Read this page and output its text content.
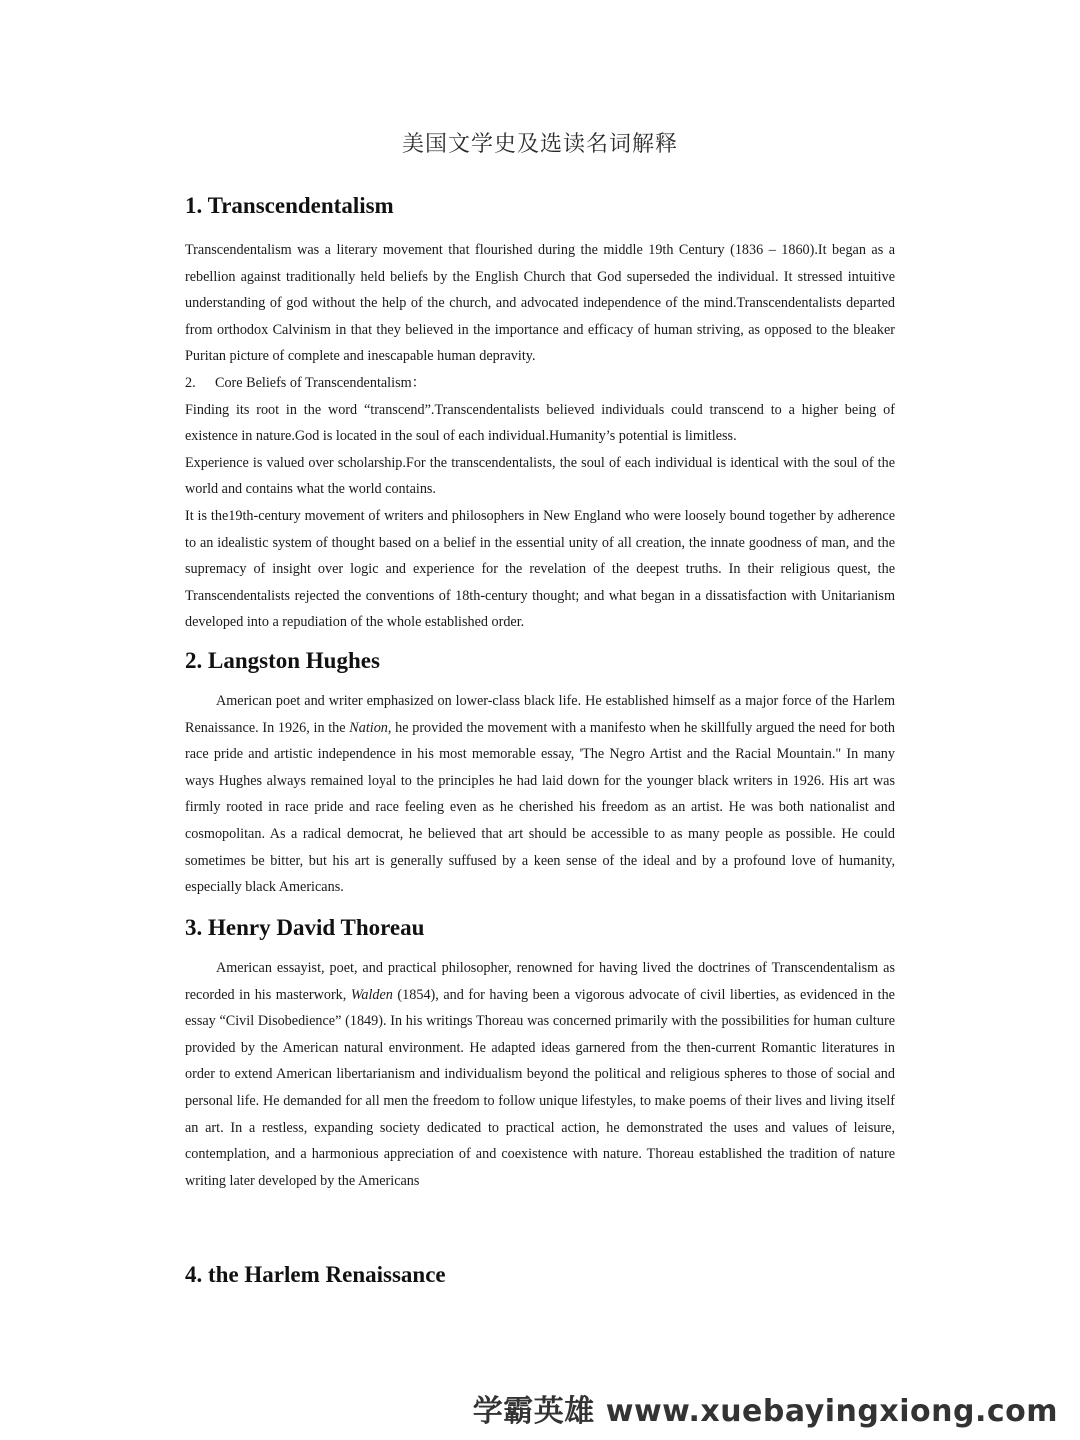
美国文学史及选读名词解释
1. Transcendentalism

Transcendentalism was a literary movement that flourished during the middle 19th Century (1836 – 1860).It began as a rebellion against traditionally held beliefs by the English Church that God superseded the individual. It stressed intuitive understanding of god without the help of the church, and advocated independence of the mind.Transcendentalists departed from orthodox Calvinism in that they believed in the importance and efficacy of human striving, as opposed to the bleaker Puritan picture of complete and inescapable human depravity.

2.	Core Beliefs of Transcendentalism：

Finding its root in the word “transcend”.Transcendentalists believed individuals could transcend to a higher being of existence in nature.God is located in the soul of each individual.Humanity’s potential is limitless.

Experience is valued over scholarship.For the transcendentalists, the soul of each individual is identical with the soul of the world and contains what the world contains.

It is the19th-century movement of writers and philosophers in New England who were loosely bound together by adherence to an idealistic system of thought based on a belief in the essential unity of all creation, the innate goodness of man, and the supremacy of insight over logic and experience for the revelation of the deepest truths. In their religious quest, the Transcendentalists rejected the conventions of 18th-century thought; and what began in a dissatisfaction with Unitarianism developed into a repudiation of the whole established order.

2. Langston Hughes

American poet and writer emphasized on lower-class black life. He established himself as a major force of the Harlem Renaissance. In 1926, in the Nation, he provided the movement with a manifesto when he skillfully argued the need for both race pride and artistic independence in his most memorable essay, 'The Negro Artist and the Racial Mountain." In many ways Hughes always remained loyal to the principles he had laid down for the younger black writers in 1926. His art was firmly rooted in race pride and race feeling even as he cherished his freedom as an artist. He was both nationalist and cosmopolitan. As a radical democrat, he believed that art should be accessible to as many people as possible. He could sometimes be bitter, but his art is generally suffused by a keen sense of the ideal and by a profound love of humanity, especially black Americans.

3. Henry David Thoreau

American essayist, poet, and practical philosopher, renowned for having lived the doctrines of Transcendentalism as recorded in his masterwork, Walden (1854), and for having been a vigorous advocate of civil liberties, as evidenced in the essay “Civil Disobedience” (1849). In his writings Thoreau was concerned primarily with the possibilities for human culture provided by the American natural environment. He adapted ideas garnered from the then-current Romantic literatures in order to extend American libertarianism and individualism beyond the political and religious spheres to those of social and personal life. He demanded for all men the freedom to follow unique lifestyles, to make poems of their lives and living itself an art. In a restless, expanding society dedicated to practical action, he demonstrated the uses and values of leisure, contemplation, and a harmonious appreciation of and coexistence with nature. Thoreau established the tradition of nature writing later developed by the Americans

4. the Harlem Renaissance
学霸英雄 www.xuebayingxiong.com
